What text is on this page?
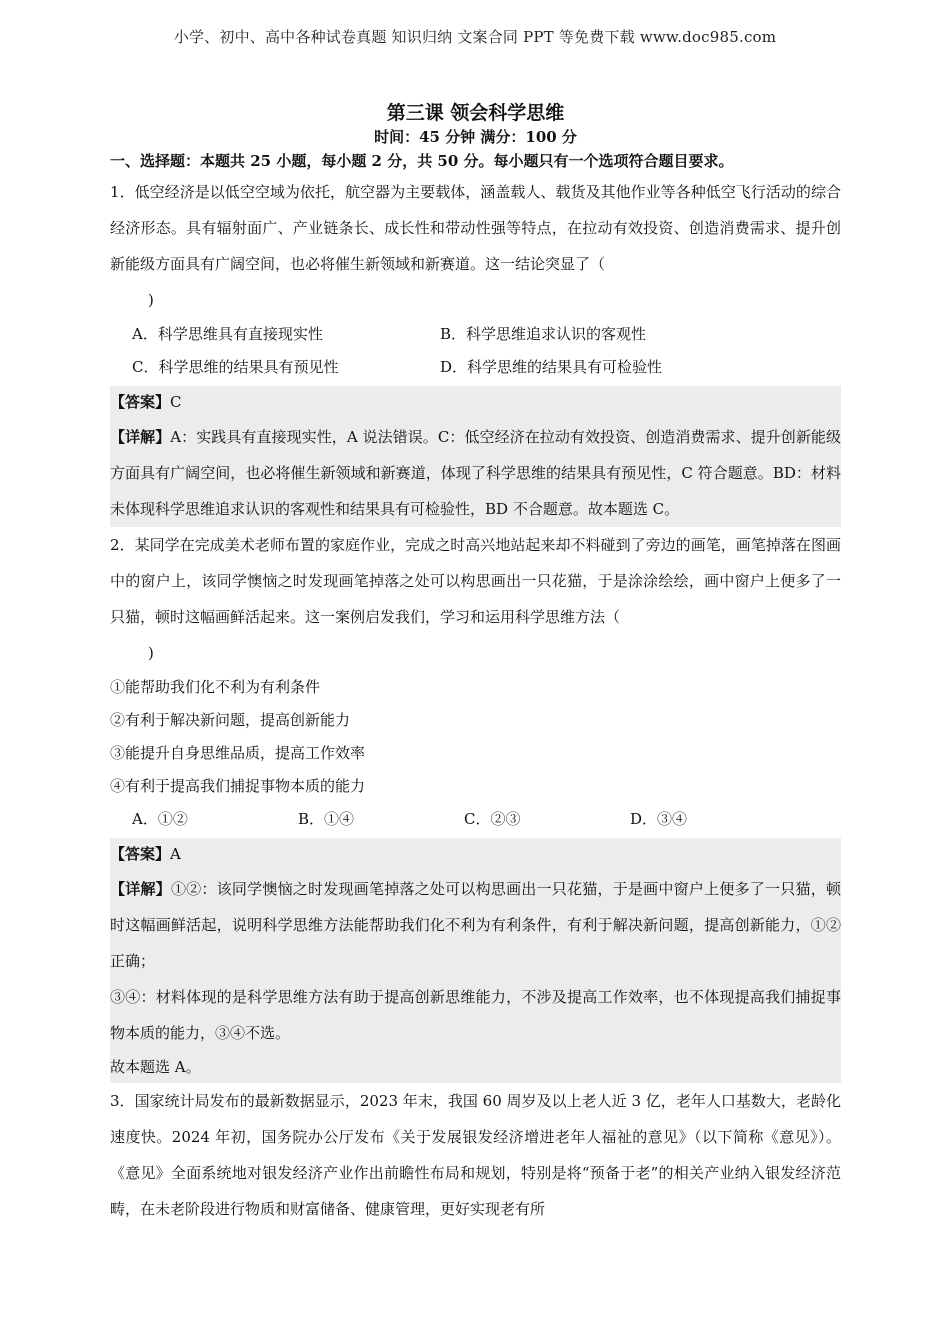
小学、初中、高中各种试卷真题 知识归纳 文案合同 PPT 等免费下载 www.doc985.com
第三课 领会科学思维
时间：45 分钟 满分：100 分
一、选择题：本题共 25 小题，每小题 2 分，共 50 分。每小题只有一个选项符合题目要求。

1．低空经济是以低空空域为依托，航空器为主要载体，涵盖载人、载货及其他作业等各种低空飞行活动的综合经济形态。具有辐射面广、产业链条长、成长性和带动性强等特点，在拉动有效投资、创造消费需求、提升创新能级方面具有广阔空间，也必将催生新领域和新赛道。这一结论突显了（

)
A．科学思维具有直接现实性	B．科学思维追求认识的客观性
C．科学思维的结果具有预见性	D．科学思维的结果具有可检验性
【答案】C
【详解】A：实践具有直接现实性，A 说法错误。C：低空经济在拉动有效投资、创造消费需求、提升创新能级方面具有广阔空间，也必将催生新领域和新赛道，体现了科学思维的结果具有预见性，C 符合题意。BD：材料未体现科学思维追求认识的客观性和结果具有可检验性，BD 不合题意。故本题选 C。

2．某同学在完成美术老师布置的家庭作业，完成之时高兴地站起来却不料碰到了旁边的画笔，画笔掉落在图画中的窗户上，该同学懊恼之时发现画笔掉落之处可以构思画出一只花猫，于是涂涂绘绘，画中窗户上便多了一只猫，顿时这幅画鲜活起来。这一案例启发我们，学习和运用科学思维方法（

)
①能帮助我们化不利为有利条件
②有利于解决新问题，提高创新能力
③能提升自身思维品质，提高工作效率
④有利于提高我们捕捉事物本质的能力
A．①②	B．①④	C．②③	D．③④
【答案】A
【详解】①②：该同学懊恼之时发现画笔掉落之处可以构思画出一只花猫，于是画中窗户上便多了一只猫，顿时这幅画鲜活起，说明科学思维方法能帮助我们化不利为有利条件，有利于解决新问题，提高创新能力，①②正确；
③④：材料体现的是科学思维方法有助于提高创新思维能力，不涉及提高工作效率，也不体现提高我们捕捉事物本质的能力，③④不选。
故本题选 A。

3．国家统计局发布的最新数据显示，2023 年末，我国 60 周岁及以上老人近 3 亿，老年人口基数大，老龄化速度快。2024 年初，国务院办公厅发布《关于发展银发经济增进老年人福祉的意见》（以下简称《意见》）。《意见》全面系统地对银发经济产业作出前瞻性布局和规划，特别是将“预备于老”的相关产业纳入银发经济范畴，在未老阶段进行物质和财富储备、健康管理，更好实现老有所
